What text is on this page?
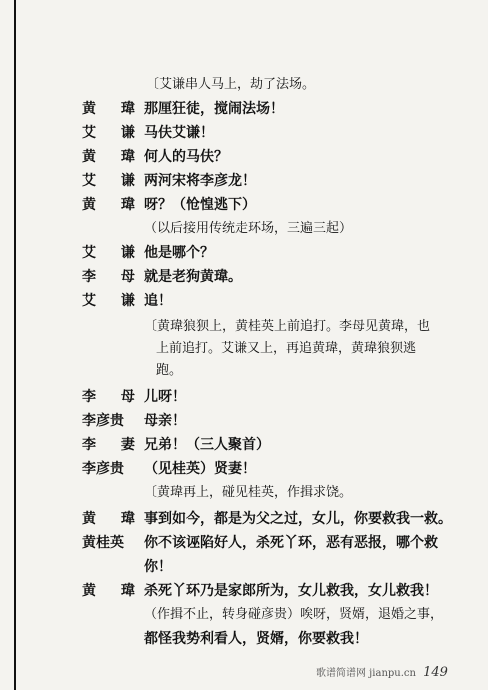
〔艾谦串人马上，劫了法场。
黄 瑋 那厘狂徒，搅闹法场！
艾 谦 马伕艾谦！
黄 瑋 何人的马伕？
艾 谦 两河宋将李彦龙！
黄 瑋 呀？（怆惶逃下）
（以后接用传统走环场，三遍三起）
艾 谦 他是哪个？
李 母 就是老狗黄瑋。
艾 谦 追！
〔黄瑋狼狈上，黄桂英上前追打。李母见黄瑋，也
上前追打。艾谦又上，再追黄瑋，黄瑋狼狈逃
跑。
李 母 儿呀！
李彦贵	母亲！
李 妻 兄弟！（三人聚首）
李彦贵	（见桂英）贤妻！
〔黄瑋再上，碰见桂英，作揖求饶。
黄 瑋 事到如今，都是为父之过，女儿，你要救我一救。
黄桂英	你不该诬陷好人，杀死丫环，恶有恶报，哪个救
你！
黄 瑋 杀死丫环乃是家郎所为，女儿救我，女儿救我！
（作揖不止，转身碰彦贵）唉呀，贤婿，退婚之事，
都怪我势利看人，贤婿，你要救我！
歌谱简谱网 jianpu.cn 149
